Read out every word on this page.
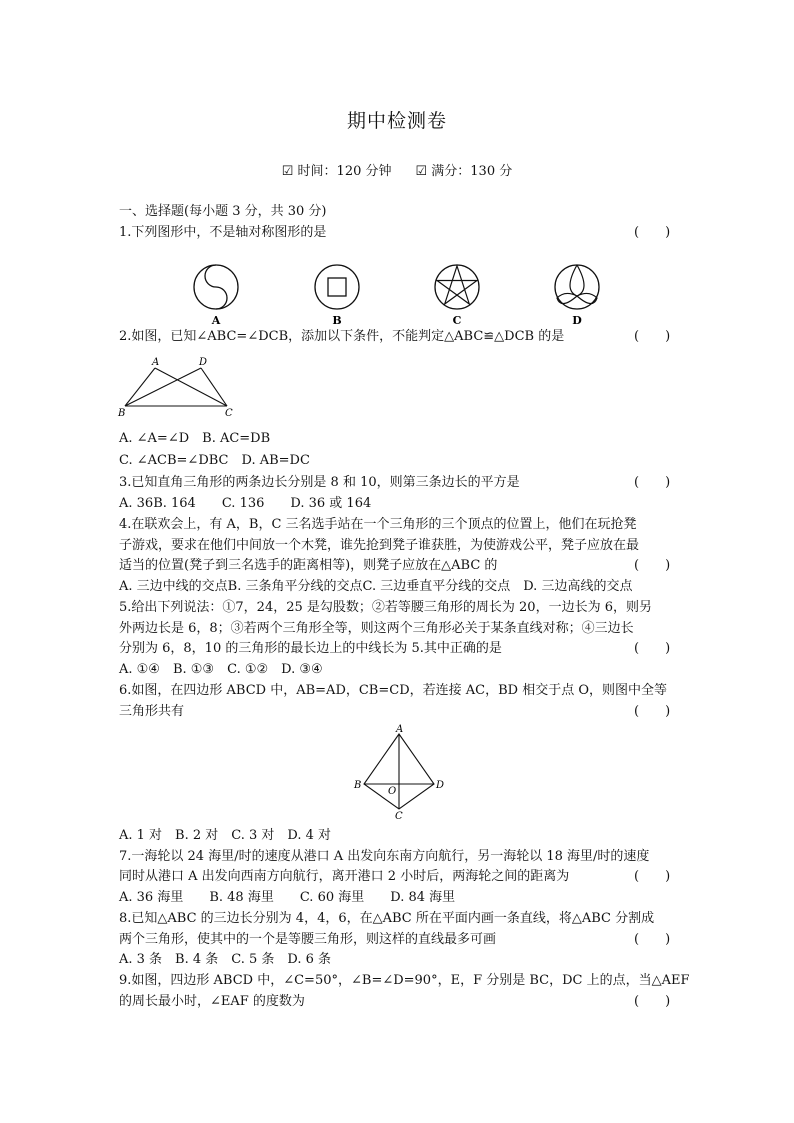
期中检测卷
☑ 时间：120 分钟 ☑ 满分：130 分
一、选择题(每小题 3 分，共 30 分)
1.下列图形中，不是轴对称图形的是	(　　)
A	B	C	D
2.如图，已知∠ABC=∠DCB，添加以下条件，不能判定△ABC≌△DCB 的是	(　　)
A	D
B	C
A. ∠A=∠D　B. AC=DB
C. ∠ACB=∠DBC　D. AB=DC
3.已知直角三角形的两条边长分别是 8 和 10，则第三条边长的平方是	(　　)
A. 36B. 164　　C. 136　　D. 36 或 164
4.在联欢会上，有 A，B，C 三名选手站在一个三角形的三个顶点的位置上，他们在玩抢凳
子游戏，要求在他们中间放一个木凳，谁先抢到凳子谁获胜，为使游戏公平，凳子应放在最
适当的位置(凳子到三名选手的距离相等)，则凳子应放在△ABC 的	(　　)
A. 三边中线的交点B. 三条角平分线的交点C. 三边垂直平分线的交点　D. 三边高线的交点
5.给出下列说法：①7，24，25 是勾股数；②若等腰三角形的周长为 20，一边长为 6，则另
外两边长是 6，8；③若两个三角形全等，则这两个三角形必关于某条直线对称；④三边长
分别为 6，8，10 的三角形的最长边上的中线长为 5.其中正确的是	(　　)
A. ①④　B. ①③　C. ①②　D. ③④
6.如图，在四边形 ABCD 中，AB=AD，CB=CD，若连接 AC，BD 相交于点 O，则图中全等
三角形共有	(　　)
A
B
O
D
C
A. 1 对　B. 2 对　C. 3 对　D. 4 对
7.一海轮以 24 海里/时的速度从港口 A 出发向东南方向航行，另一海轮以 18 海里/时的速度
同时从港口 A 出发向西南方向航行，离开港口 2 小时后，两海轮之间的距离为	(　　)
A. 36 海里　　B. 48 海里　　C. 60 海里　　D. 84 海里
8.已知△ABC 的三边长分别为 4，4，6，在△ABC 所在平面内画一条直线，将△ABC 分割成
两个三角形，使其中的一个是等腰三角形，则这样的直线最多可画	(　　)
A. 3 条　B. 4 条　C. 5 条　D. 6 条
9.如图，四边形 ABCD 中，∠C=50°，∠B=∠D=90°，E，F 分别是 BC，DC 上的点，当△AEF
的周长最小时，∠EAF 的度数为	(　　)
